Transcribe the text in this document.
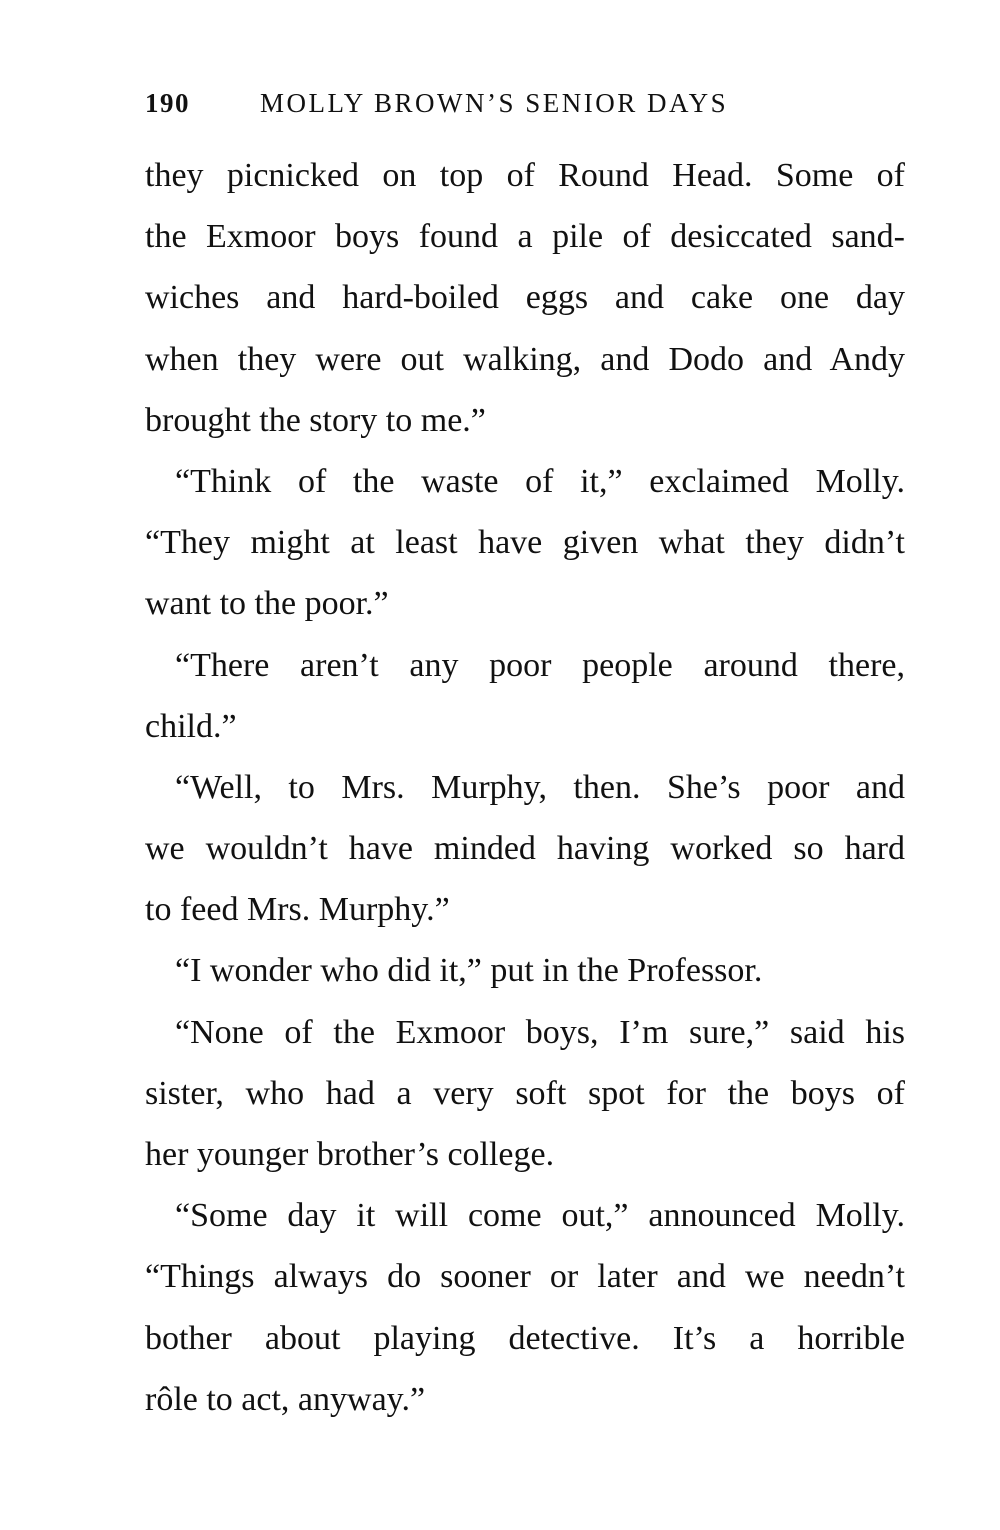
190	MOLLY BROWN’S SENIOR DAYS
they picnicked on top of Round Head. Some of
the Exmoor boys found a pile of desiccated sand-
wiches and hard-boiled eggs and cake one day
when they were out walking, and Dodo and Andy
brought the story to me.”
“Think of the waste of it,” exclaimed Molly.
“They might at least have given what they didn’t
want to the poor.”
“There aren’t any poor people around there,
child.”
“Well, to Mrs. Murphy, then. She’s poor and
we wouldn’t have minded having worked so hard
to feed Mrs. Murphy.”
“I wonder who did it,” put in the Professor.
“None of the Exmoor boys, I’m sure,” said his
sister, who had a very soft spot for the boys of
her younger brother’s college.
“Some day it will come out,” announced Molly.
“Things always do sooner or later and we needn’t
bother about playing detective. It’s a horrible
rôle to act, anyway.”
